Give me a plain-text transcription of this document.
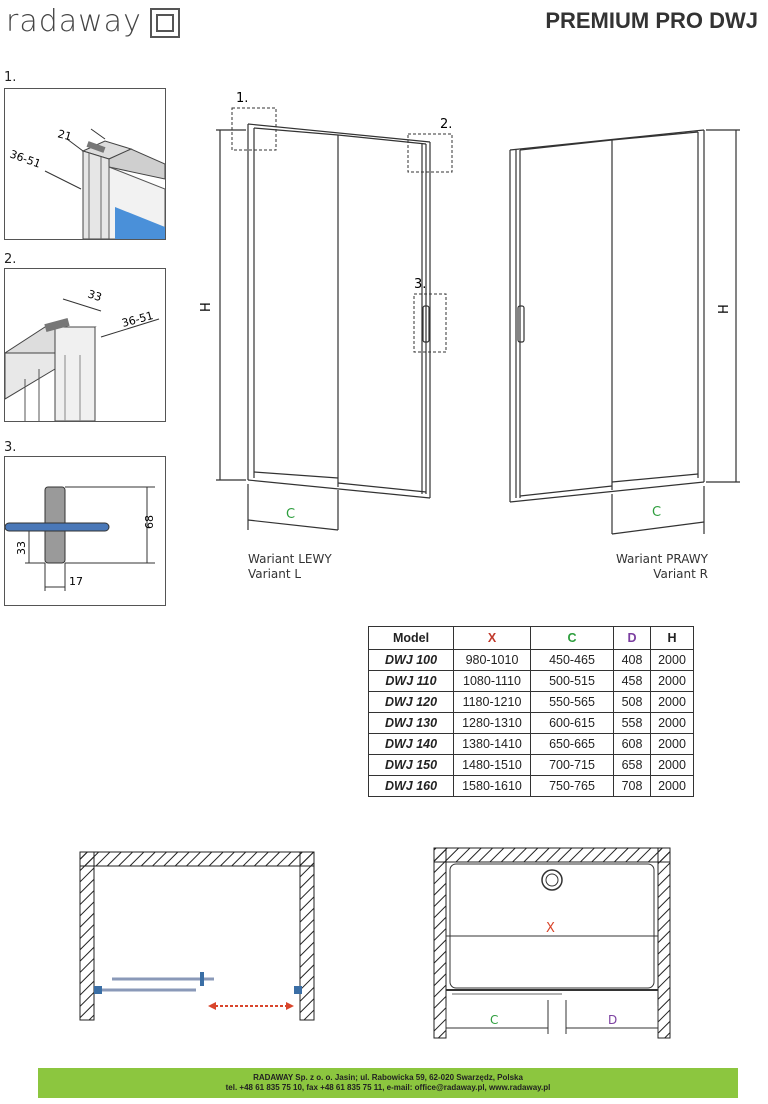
radaway	PREMIUM PRO DWJ
1.
21
36-51
2.
33
36-51
3.
68
33
17
1.
2.
3.
H
C
Wariant LEWY
Variant L
H
C
Wariant PRAWY
Variant R
Model	X	C	D	H
DWJ 100	980-1010	450-465	408	2000
DWJ 110	1080-1110	500-515	458	2000
DWJ 120	1180-1210	550-565	508	2000
DWJ 130	1280-1310	600-615	558	2000
DWJ 140	1380-1410	650-665	608	2000
DWJ 150	1480-1510	700-715	658	2000
DWJ 160	1580-1610	750-765	708	2000
X
C	D
RADAWAY Sp. z o. o. Jasin; ul. Rabowicka 59, 62-020 Swarzędz, Polska
tel. +48 61 835 75 10, fax +48 61 835 75 11, e-mail: office@radaway.pl, www.radaway.pl
